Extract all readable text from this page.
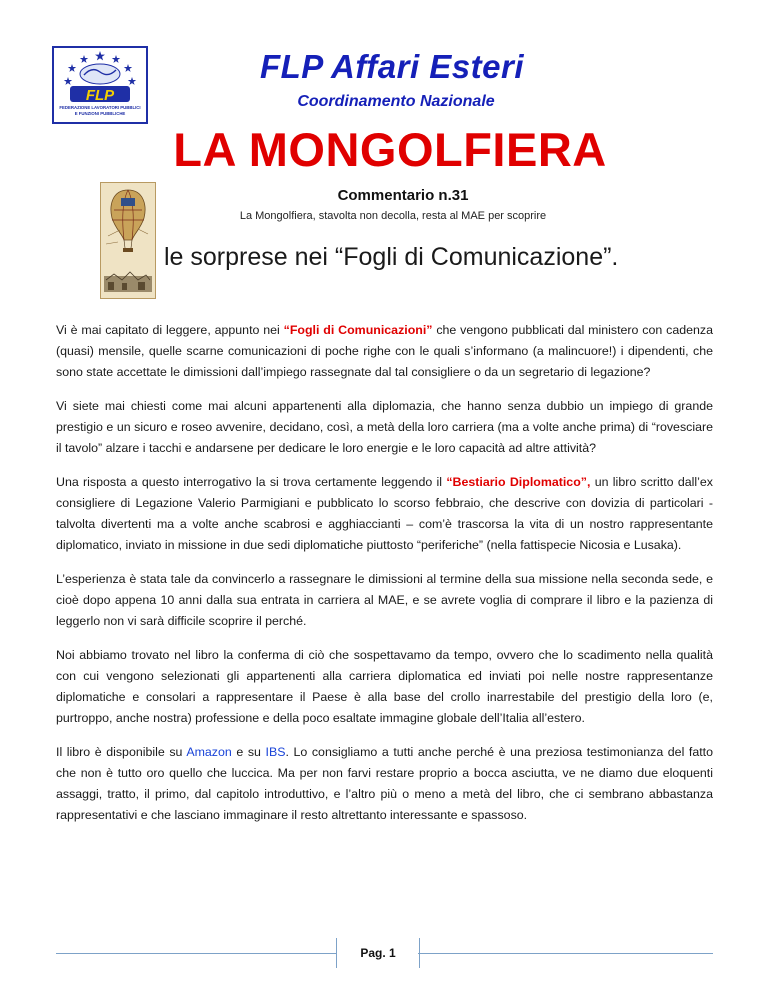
FLP
FEDERAZIONE LAVORATORI PUBBLICI
E FUNZIONI PUBBLICHE
FLP Affari Esteri
Coordinamento Nazionale
LA MONGOLFIERA
Commentario n.31
La Mongolfiera, stavolta non decolla, resta al MAE per scoprire
le sorprese nei “Fogli di Comunicazione”.

Vi è mai capitato di leggere, appunto nei “Fogli di Comunicazioni” che vengono pubblicati dal ministero con cadenza (quasi) mensile, quelle scarne comunicazioni di poche righe con le quali s’informano (a malincuore!) i dipendenti, che sono state accettate le dimissioni dall’impiego rassegnate dal tal consigliere o da un segretario di legazione?

Vi siete mai chiesti come mai alcuni appartenenti alla diplomazia, che hanno senza dubbio un impiego di grande prestigio e un sicuro e roseo avvenire, decidano, così, a metà della loro carriera (ma a volte anche prima) di “rovesciare il tavolo” alzare i tacchi e andarsene per dedicare le loro energie e le loro capacità ad altre attività?

Una risposta a questo interrogativo la si trova certamente leggendo il “Bestiario Diplomatico”, un libro scritto dall’ex consigliere di Legazione Valerio Parmigiani e pubblicato lo scorso febbraio, che descrive con dovizia di particolari - talvolta divertenti ma a volte anche scabrosi e agghiaccianti – com’è trascorsa la vita di un nostro rappresentante diplomatico, inviato in missione in due sedi diplomatiche piuttosto “periferiche” (nella fattispecie Nicosia e Lusaka).

L’esperienza è stata tale da convincerlo a rassegnare le dimissioni al termine della sua missione nella seconda sede, e cioè dopo appena 10 anni dalla sua entrata in carriera al MAE, e se avrete voglia di comprare il libro e la pazienza di leggerlo non vi sarà difficile scoprire il perché.

Noi abbiamo trovato nel libro la conferma di ciò che sospettavamo da tempo, ovvero che lo scadimento nella qualità con cui vengono selezionati gli appartenenti alla carriera diplomatica ed inviati poi nelle nostre rappresentanze diplomatiche e consolari a rappresentare il Paese è alla base del crollo inarrestabile del prestigio della loro (e, purtroppo, anche nostra) professione e della poco esaltate immagine globale dell’Italia all’estero.

Il libro è disponibile su Amazon e su IBS. Lo consigliamo a tutti anche perché è una preziosa testimonianza del fatto che non è tutto oro quello che luccica. Ma per non farvi restare proprio a bocca asciutta, ve ne diamo due eloquenti assaggi, tratto, il primo, dal capitolo introduttivo, e l’altro più o meno a metà del libro, che ci sembrano abbastanza rappresentativi e che lasciano immaginare il resto altrettanto interessante e spassoso.

Pag. 1
